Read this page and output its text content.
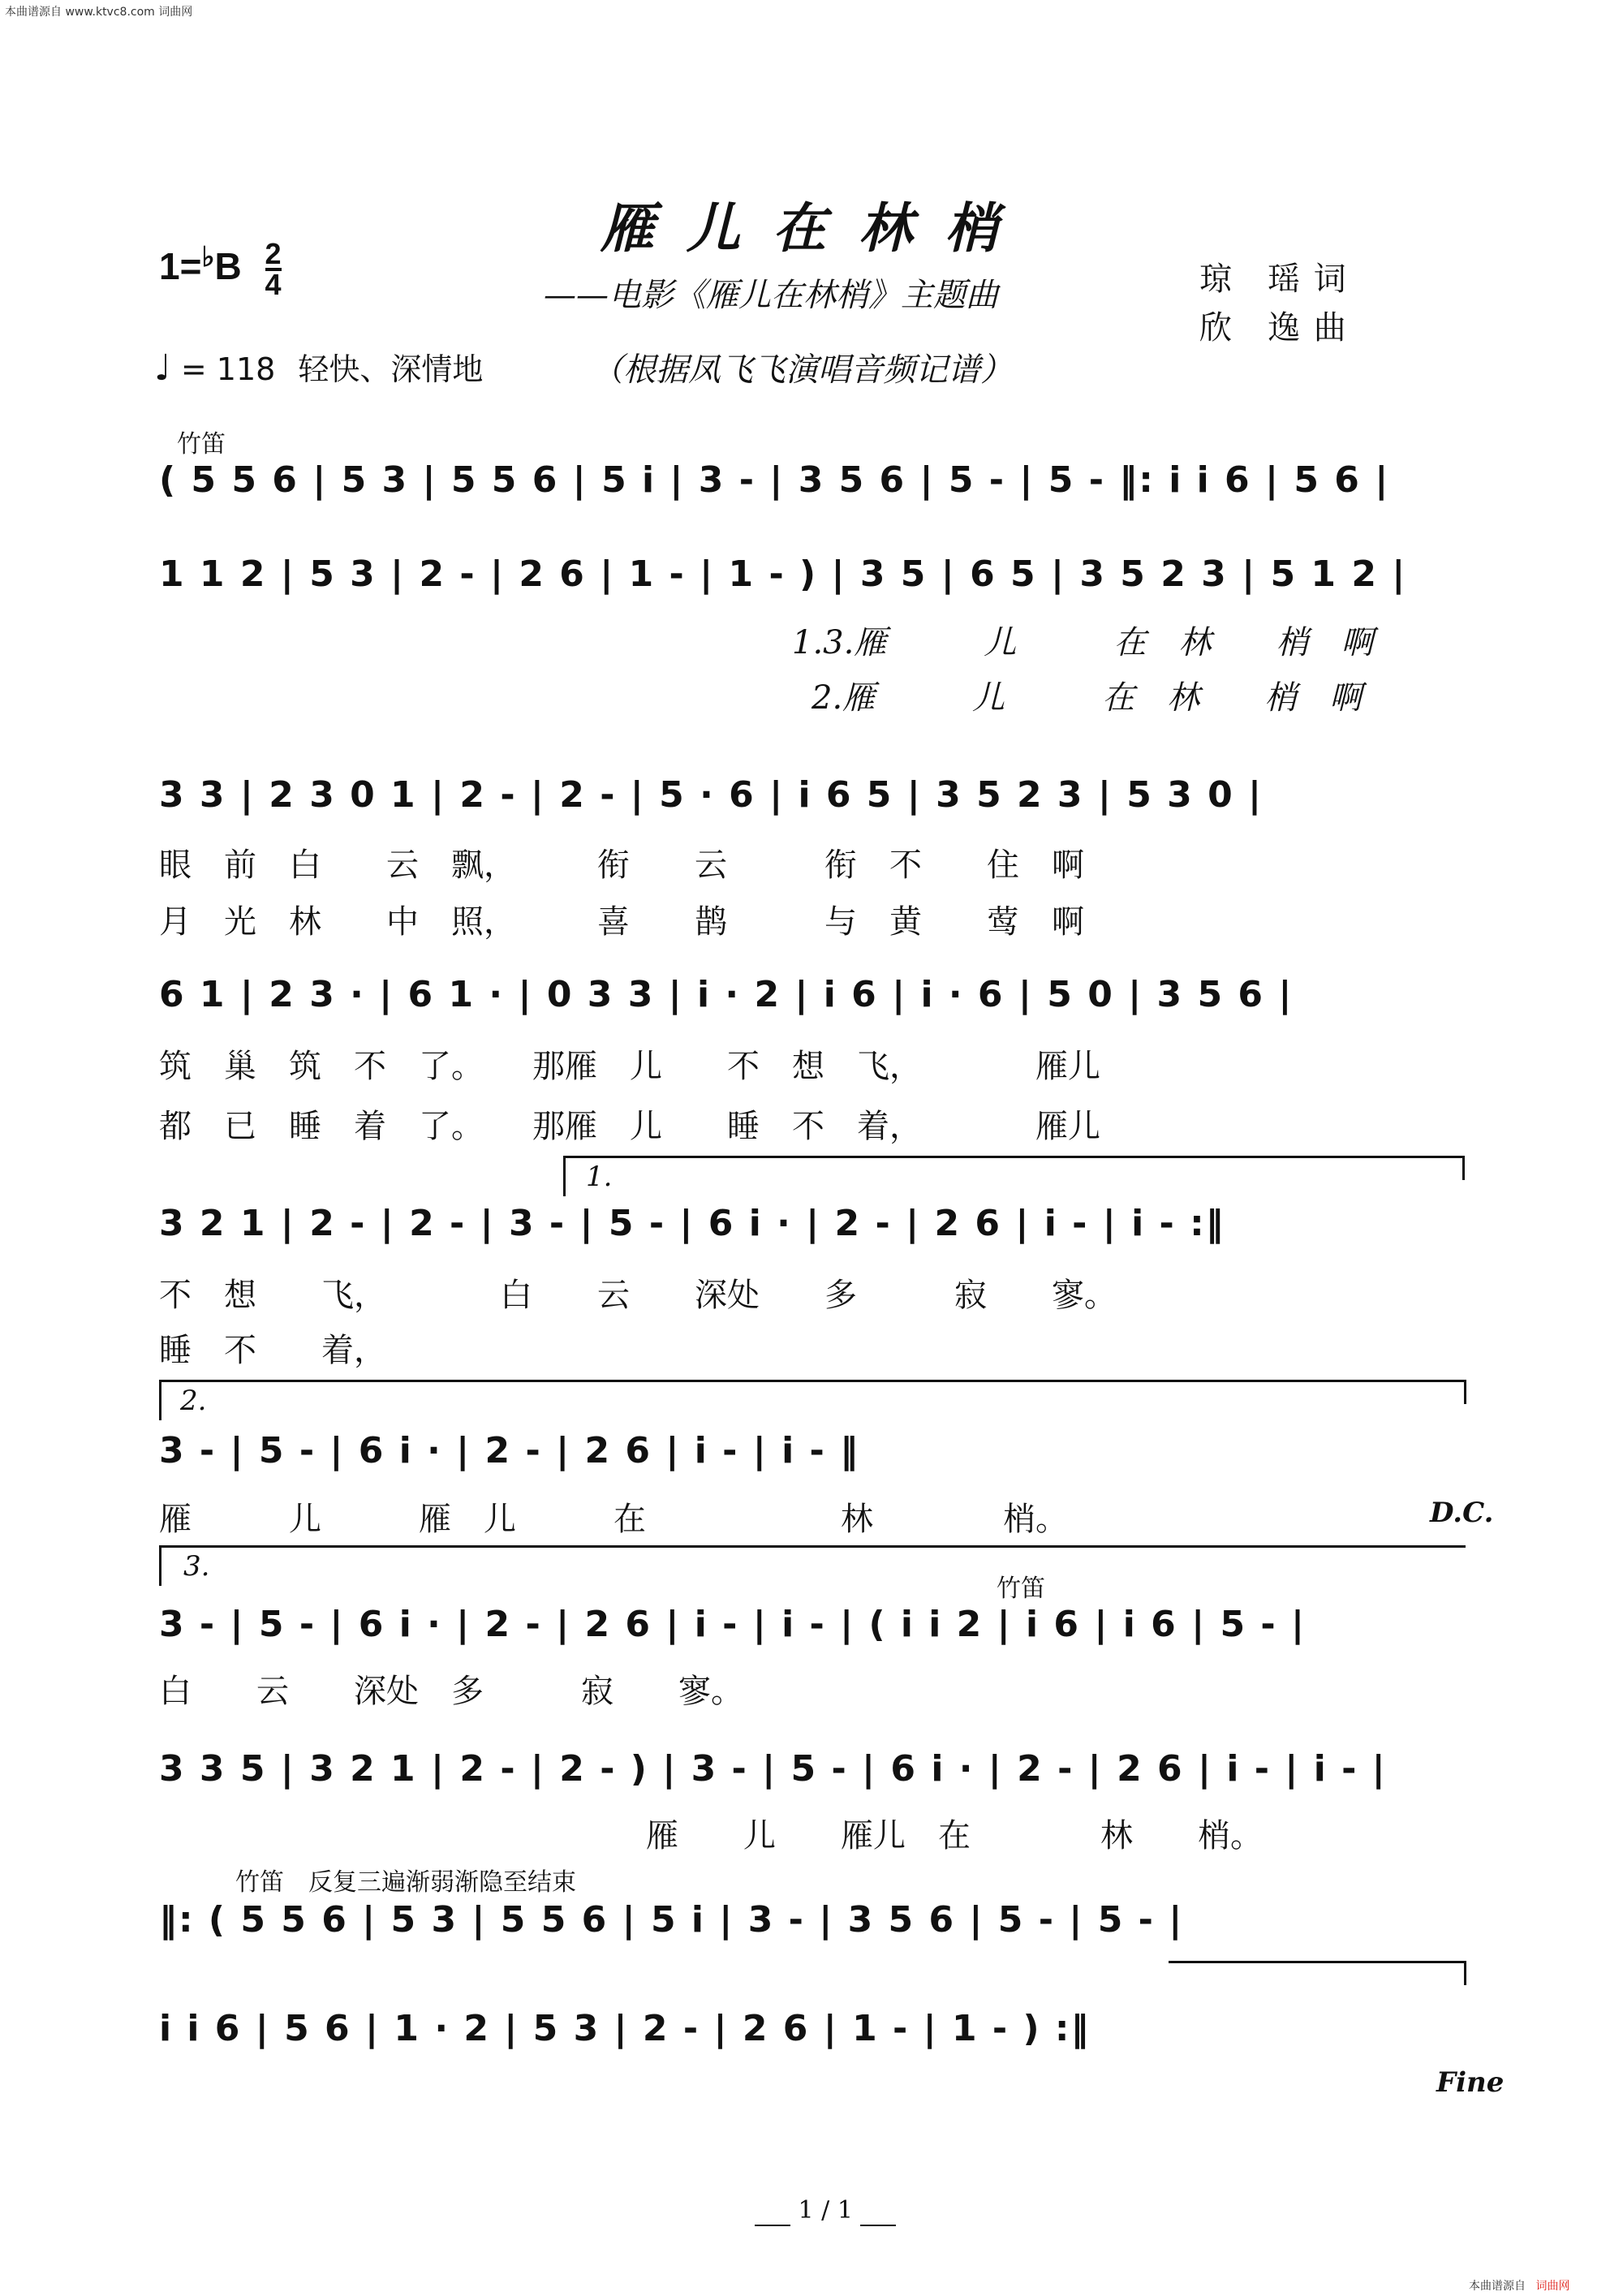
本曲谱源自 www.ktvc8.com 词曲网
雁儿在林梢
——电影《雁儿在林梢》主题曲	琼　瑶 词
欣　逸 曲
$1=^♭B \frac{2}{4}$
♩ = 118 轻快、深情地	（根据凤飞飞演唱音频记谱）
竹笛
( 5 5 6 | 5 3 | 5 5 6 | 5 i | 3 - | 3 5 6 | 5 - | 5 - ‖: i i 6 | 5 6 |
1 1 2 | 5 3 | 2 - | 2 6 | 1 - | 1 - ) | 3 5 | 6 5 | 3 5 2 3 | 5 1 2 |
1.3.雁　　　儿　　　在　林　　梢　啊
2.雁　　　儿　　　在　林　　梢　啊
3 3 | 2 3 0 1 | 2 - | 2 - | 5 · 6 | i 6 5 | 3 5 2 3 | 5 3 0 |
眼　前　白　　云　飘，　　　衔　　云　　　衔　不　　住　啊
月　光　林　　中　照，　　　喜　　鹊　　　与　黄　　莺　啊
6 1 | 2 3 · | 6 1 · | 0 3 3 | i · 2 | i 6 | i · 6 | 5 0 | 3 5 6 |
筑　巢　筑　不　了。　　那雁　儿　　不　想　飞，　　　　雁儿
都　已　睡　着　了。　　那雁　儿　　睡　不　着，　　　　雁儿
1.
3 2 1 | 2 - | 2 - | 3 - | 5 - | 6 i · | 2 - | 2 6 | i - | i - :‖
不　想　　飞，　　　　白　　云　　深处　　多　　　寂　　寥。
睡　不　　着，
2.
3 - | 5 - | 6 i · | 2 - | 2 6 | i - | i - ‖
雁　　　儿　　　雁　儿　　　在　　　　　　林　　　　梢。	D.C.
3.
竹笛
3 - | 5 - | 6 i · | 2 - | 2 6 | i - | i - | ( i i 2 | i 6 | i 6 | 5 - |
白　　云　　深处　多　　　寂　　寥。
3 3 5 | 3 2 1 | 2 - | 2 - ) | 3 - | 5 - | 6 i · | 2 - | 2 6 | i - | i - |
雁　　儿　　雁儿　在　　　　林　　梢。
竹笛　反复三遍渐弱渐隐至结束
‖: ( 5 5 6 | 5 3 | 5 5 6 | 5 i | 3 - | 3 5 6 | 5 - | 5 - |
i i 6 | 5 6 | 1 · 2 | 5 3 | 2 - | 2 6 | 1 - | 1 - ) :‖
Fine
1 / 1
本曲谱源自 词曲网
